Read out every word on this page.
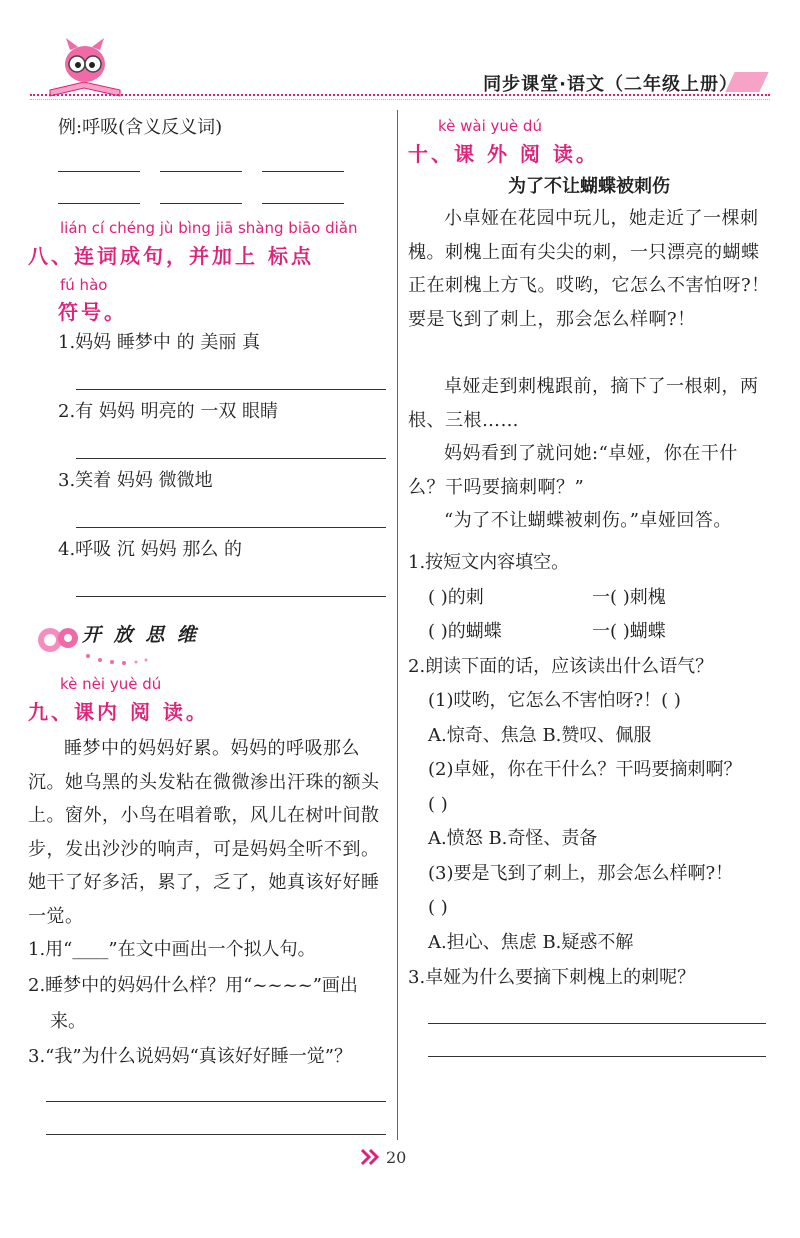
同步课堂·语文（二年级上册）
例:呼吸(含义反义词)
lián cí chéng jù bìng jiā shàng biāo diǎn
八、连词成句，并加上 标点
fú hào
符号。
1.妈妈 睡梦中 的 美丽 真
2.有 妈妈 明亮的 一双 眼睛
3.笑着 妈妈 微微地
4.呼吸 沉 妈妈 那么 的
开 放 思 维
kè nèi yuè dú
九、课内 阅 读。
睡梦中的妈妈好累。妈妈的呼吸那么沉。她乌黑的头发粘在微微渗出汗珠的额头上。窗外，小鸟在唱着歌，风儿在树叶间散步，发出沙沙的响声，可是妈妈全听不到。她干了好多活，累了，乏了，她真该好好睡一觉。
1.用“____”在文中画出一个拟人句。
2.睡梦中的妈妈什么样？用“~~~~”画出
来。
3.“我”为什么说妈妈“真该好好睡一觉”？
kè wài yuè dú
十、课 外 阅 读。
为了不让蝴蝶被刺伤
小卓娅在花园中玩儿，她走近了一棵刺槐。刺槐上面有尖尖的刺，一只漂亮的蝴蝶正在刺槐上方飞。哎哟，它怎么不害怕呀?！要是飞到了刺上，那会怎么样啊?！
卓娅走到刺槐跟前，摘下了一根刺，两根、三根……
妈妈看到了就问她:“卓娅，你在干什么？干吗要摘刺啊？”
“为了不让蝴蝶被刺伤。”卓娅回答。
1.按短文内容填空。
( )的刺	一( )刺槐
( )的蝴蝶	一( )蝴蝶
2.朗读下面的话，应该读出什么语气？
(1)哎哟，它怎么不害怕呀?！( )
A.惊奇、焦急 B.赞叹、佩服
(2)卓娅，你在干什么？干吗要摘刺啊？
( )
A.愤怒 B.奇怪、责备
(3)要是飞到了刺上，那会怎么样啊?！
( )
A.担心、焦虑 B.疑惑不解
3.卓娅为什么要摘下刺槐上的刺呢？
20
